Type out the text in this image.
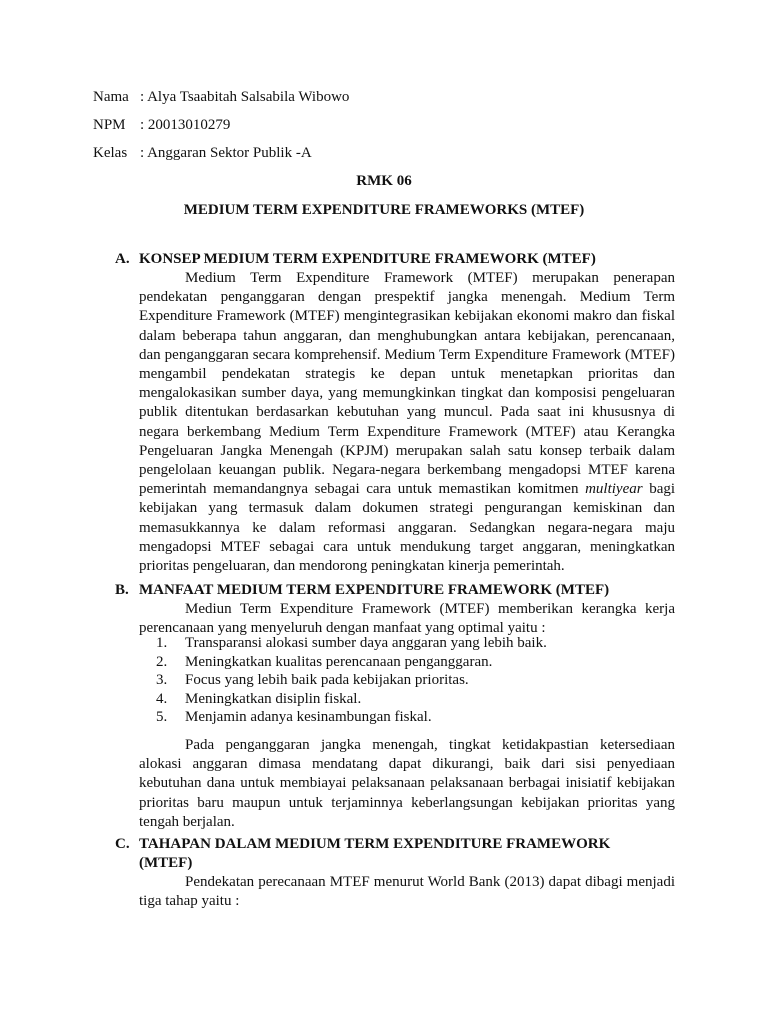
Nama : Alya Tsaabitah Salsabila Wibowo
NPM : 20013010279
Kelas : Anggaran Sektor Publik -A
RMK 06
MEDIUM TERM EXPENDITURE FRAMEWORKS (MTEF)
A. KONSEP MEDIUM TERM EXPENDITURE FRAMEWORK (MTEF)

Medium Term Expenditure Framework (MTEF) merupakan penerapan pendekatan penganggaran dengan prespektif jangka menengah. Medium Term Expenditure Framework (MTEF) mengintegrasikan kebijakan ekonomi makro dan fiskal dalam beberapa tahun anggaran, dan menghubungkan antara kebijakan, perencanaan, dan penganggaran secara komprehensif. Medium Term Expenditure Framework (MTEF) mengambil pendekatan strategis ke depan untuk menetapkan prioritas dan mengalokasikan sumber daya, yang memungkinkan tingkat dan komposisi pengeluaran publik ditentukan berdasarkan kebutuhan yang muncul. Pada saat ini khususnya di negara berkembang Medium Term Expenditure Framework (MTEF) atau Kerangka Pengeluaran Jangka Menengah (KPJM) merupakan salah satu konsep terbaik dalam pengelolaan keuangan publik. Negara-negara berkembang mengadopsi MTEF karena pemerintah memandangnya sebagai cara untuk memastikan komitmen multiyear bagi kebijakan yang termasuk dalam dokumen strategi pengurangan kemiskinan dan memasukkannya ke dalam reformasi anggaran. Sedangkan negara-negara maju mengadopsi MTEF sebagai cara untuk mendukung target anggaran, meningkatkan prioritas pengeluaran, dan mendorong peningkatan kinerja pemerintah.

B. MANFAAT MEDIUM TERM EXPENDITURE FRAMEWORK (MTEF)

Mediun Term Expenditure Framework (MTEF) memberikan kerangka kerja perencanaan yang menyeluruh dengan manfaat yang optimal yaitu :

1.	Transparansi alokasi sumber daya anggaran yang lebih baik.
2.	Meningkatkan kualitas perencanaan penganggaran.
3.	Focus yang lebih baik pada kebijakan prioritas.
4.	Meningkatkan disiplin fiskal.
5.	Menjamin adanya kesinambungan fiskal.

Pada penganggaran jangka menengah, tingkat ketidakpastian ketersediaan alokasi anggaran dimasa mendatang dapat dikurangi, baik dari sisi penyediaan kebutuhan dana untuk membiayai pelaksanaan pelaksanaan berbagai inisiatif kebijakan prioritas baru maupun untuk terjaminnya keberlangsungan kebijakan prioritas yang tengah berjalan.

C. TAHAPAN DALAM MEDIUM TERM EXPENDITURE FRAMEWORK (MTEF)

Pendekatan perecanaan MTEF menurut World Bank (2013) dapat dibagi menjadi tiga tahap yaitu :
